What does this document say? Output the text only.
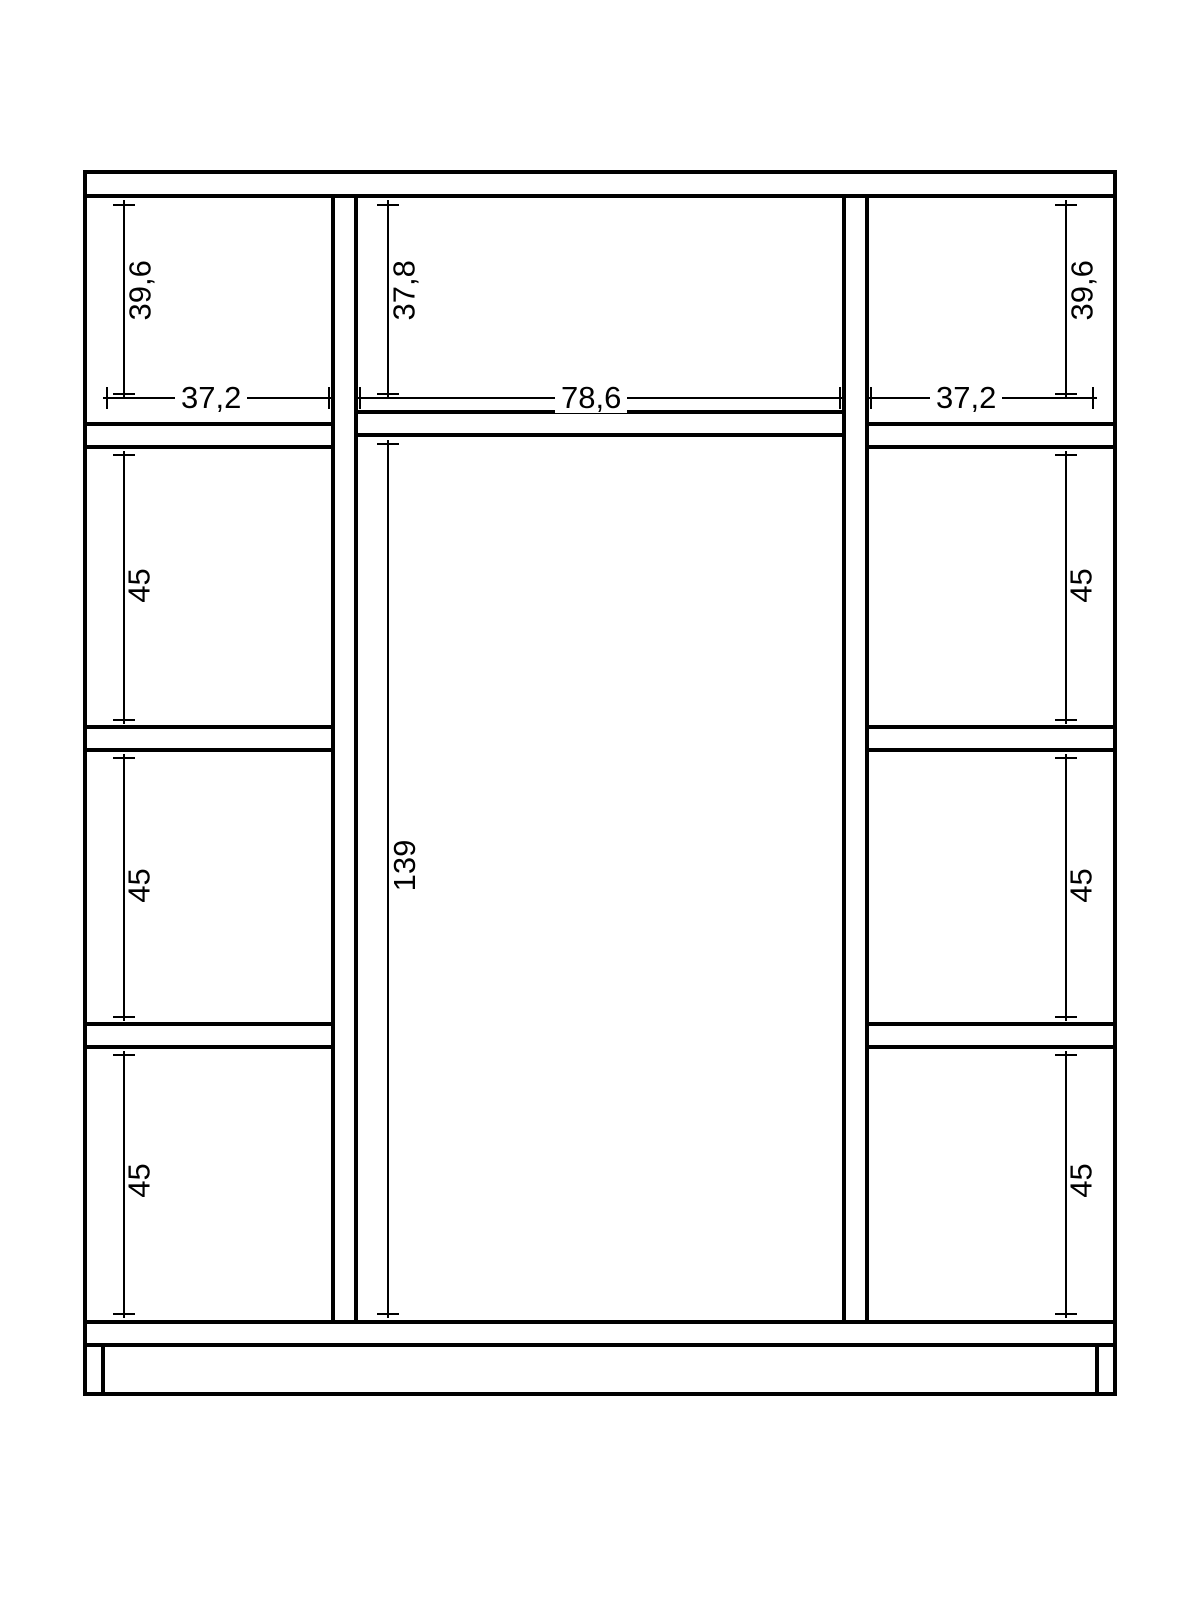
39,6
45
45
45
37,2
37,8
139
78,6
39,6
45
45
45
37,2
